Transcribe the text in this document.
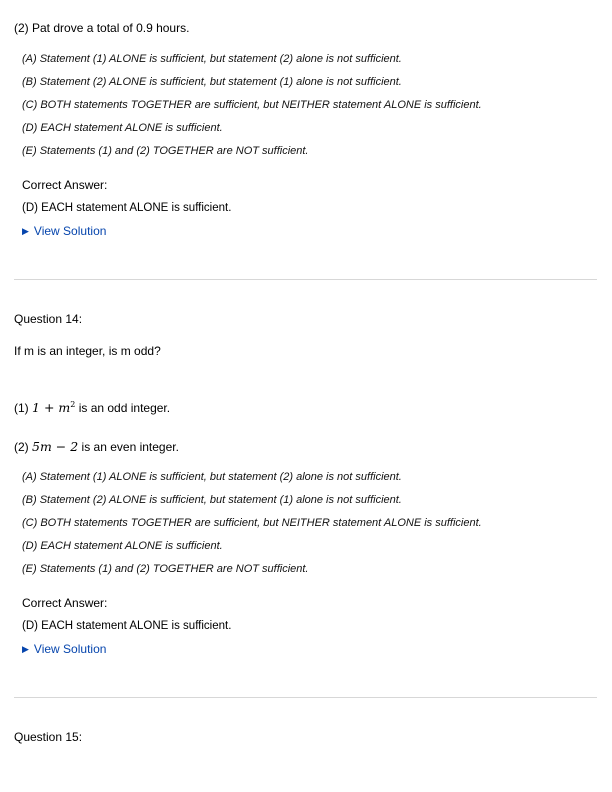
(2) Pat drove a total of 0.9 hours.
(A) Statement (1) ALONE is sufficient, but statement (2) alone is not sufficient.
(B) Statement (2) ALONE is sufficient, but statement (1) alone is not sufficient.
(C) BOTH statements TOGETHER are sufficient, but NEITHER statement ALONE is sufficient.
(D) EACH statement ALONE is sufficient.
(E) Statements (1) and (2) TOGETHER are NOT sufficient.
Correct Answer:
(D) EACH statement ALONE is sufficient.
▶ View Solution
Question 14:
If m is an integer, is m odd?
(1) $1 + m^2$ is an odd integer.
(2) 5m − 2 is an even integer.
(A) Statement (1) ALONE is sufficient, but statement (2) alone is not sufficient.
(B) Statement (2) ALONE is sufficient, but statement (1) alone is not sufficient.
(C) BOTH statements TOGETHER are sufficient, but NEITHER statement ALONE is sufficient.
(D) EACH statement ALONE is sufficient.
(E) Statements (1) and (2) TOGETHER are NOT sufficient.
Correct Answer:
(D) EACH statement ALONE is sufficient.
▶ View Solution
Question 15:
